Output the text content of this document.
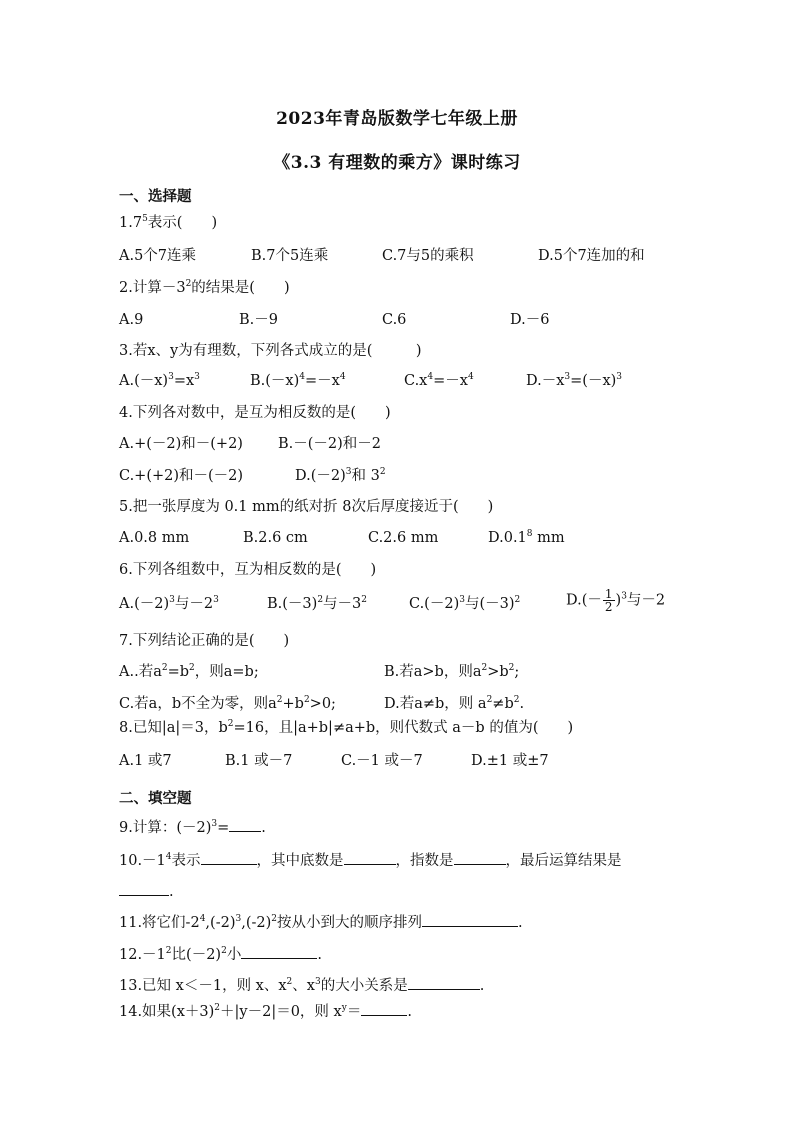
2023年青岛版数学七年级上册
《3.3 有理数的乘方》课时练习
一、选择题
$1.7^5$表示(　　)
A.5个7连乘	B.7个5连乘	C.7与5的乘积	D.5个7连加的和
2.计算$-3^2$的结果是(　　)
A.9	B.－9	C.6	D.－6
3.若x、y为有理数，下列各式成立的是(　　　)
$A.(-x)^3=x^3$	$B.(-x)^4=-x^4$	$C.x^4=-x^4$	$D.-x^3=(-x)^3$
4.下列各对数中，是互为相反数的是(　　)
A.+(－2)和－(+2) B.－(－2)和－2
C.+(+2)和－(－2)	$D.(-2)^3$和 $3^2$
5.把一张厚度为 0.1 mm的纸对折 8次后厚度接近于(　　)
A.0.8 mm	B.2.6 cm	C.2.6 mm	D.0.1$^8$ mm
6.下列各组数中，互为相反数的是(　　)
$A.(-2)^3$与$-2^3$	$B.(-3)^2$与$-3^2$	$C.(-2)^3$与$(-3)^2$	$D.(- \frac{1}{2} )^3$与－2
7.下列结论正确的是(　　)
A..若$a^2=b^2$，则a=b;	B.若a>b，则$a^2>b^2$;
C.若a，b不全为零，则$a^2+b^2>0$;	D.若a≠b，则 $a^2\ne b^2$.
8.已知|a|＝3，$b^2=16$，且|a+b|≠a+b，则代数式 a－b 的值为(　　)
A.1 或7	B.1 或－7	C.－1 或－7	D.±1 或±7
二、填空题
9.计算：$(-2)^3=$ .
$10.-1^4$表示	，其中底数是	，指数是	，最后运算结果是
.
11.将它们$-2^4,(-2)^3,(-2)^2$按从小到大的顺序排列	.
$12.-1^2$比$(-2)^2$小	.
13.已知 x＜－1，则 x、$x^2$、$x^3$的大小关系是	.
14.如果$(x+3)^2+|y-2|=0$，则 $x^y=$	.
